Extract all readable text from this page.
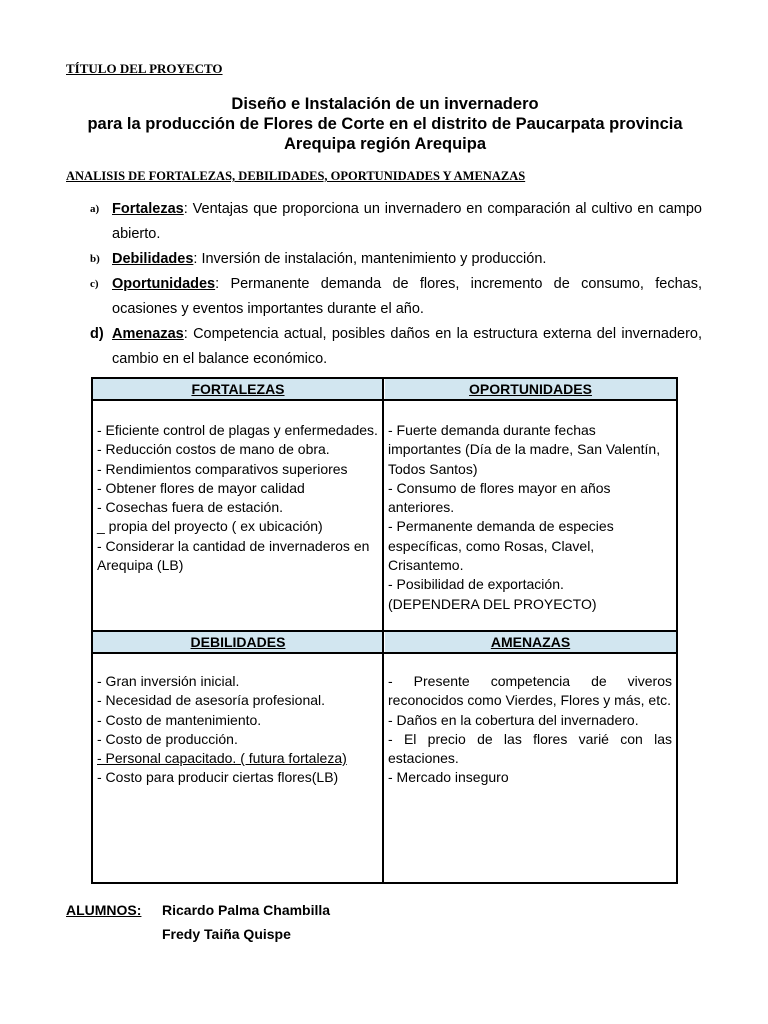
TÍTULO DEL PROYECTO
Diseño e Instalación de un invernadero
para la producción de Flores de Corte en el distrito de Paucarpata provincia
Arequipa región Arequipa
ANALISIS DE FORTALEZAS, DEBILIDADES, OPORTUNIDADES Y AMENAZAS
a) Fortalezas: Ventajas que proporciona un invernadero en comparación al cultivo en campo abierto.
b) Debilidades: Inversión de instalación, mantenimiento y producción.
c) Oportunidades: Permanente demanda de flores, incremento de consumo, fechas, ocasiones y eventos importantes durante el año.
d) Amenazas: Competencia actual, posibles daños en la estructura externa del invernadero, cambio en el balance económico.
FORTALEZAS	OPORTUNIDADES
DEBILIDADES	AMENAZAS

- Eficiente control de plagas y enfermedades.

- Reducción costos de mano de obra.

- Rendimientos comparativos superiores

- Obtener flores de mayor calidad

- Cosechas fuera de estación.

_ propia del proyecto ( ex ubicación)

- Considerar la cantidad de invernaderos en Arequipa (LB)

- Fuerte demanda durante fechas importantes (Día de la madre, San Valentín, Todos Santos)

- Consumo de flores mayor en años anteriores.

- Permanente demanda de especies específicas, como Rosas, Clavel, Crisantemo.

- Posibilidad de exportación.

(DEPENDERA DEL PROYECTO)

- Gran inversión inicial.

- Necesidad de asesoría profesional.

- Costo de mantenimiento.

- Costo de producción.

- Personal capacitado. ( futura fortaleza)

- Costo para producir ciertas flores(LB)

- Presente competencia de viveros reconocidos como Vierdes, Flores y más, etc.

- Daños en la cobertura del invernadero.

- El precio de las flores varié con las estaciones.

- Mercado inseguro

ALUMNOS: Ricardo Palma Chambilla
Fredy Taiña Quispe
